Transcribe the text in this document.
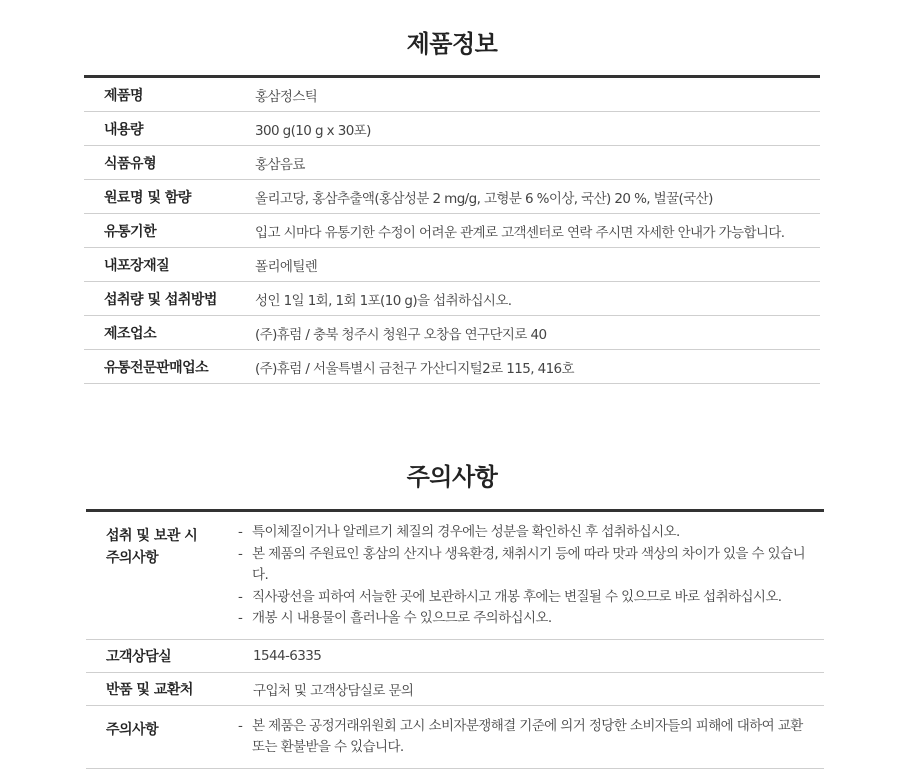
제품정보
제품명	홍삼정스틱
내용량	300 g(10 g x 30포)
식품유형	홍삼음료
원료명 및 함량	올리고당, 홍삼추출액(홍삼성분 2 mg/g, 고형분 6 %이상, 국산) 20 %, 벌꿀(국산)
유통기한	입고 시마다 유통기한 수정이 어려운 관계로 고객센터로 연락 주시면 자세한 안내가 가능합니다.
내포장재질	폴리에틸렌
섭취량 및 섭취방법	성인 1일 1회, 1회 1포(10 g)을 섭취하십시오.
제조업소	(주)휴럼 / 충북 청주시 청원구 오창읍 연구단지로 40
유통전문판매업소	(주)휴럼 / 서울특별시 금천구 가산디지털2로 115, 416호
주의사항
섭취 및 보관 시
주의사항
- 특이체질이거나 알레르기 체질의 경우에는 성분을 확인하신 후 섭취하십시오.
- 본 제품의 주원료인 홍삼의 산지나 생육환경, 채취시기 등에 따라 맛과 색상의 차이가 있을 수 있습니다.
- 직사광선을 피하여 서늘한 곳에 보관하시고 개봉 후에는 변질될 수 있으므로 바로 섭취하십시오.
- 개봉 시 내용물이 흘러나올 수 있으므로 주의하십시오.
고객상담실	1544-6335
반품 및 교환처	구입처 및 고객상담실로 문의
주의사항
-	본 제품은 공정거래위원회 고시 소비자분쟁해결 기준에 의거 정당한 소비자들의 피해에 대하여 교환 또는 환불받을 수 있습니다.
